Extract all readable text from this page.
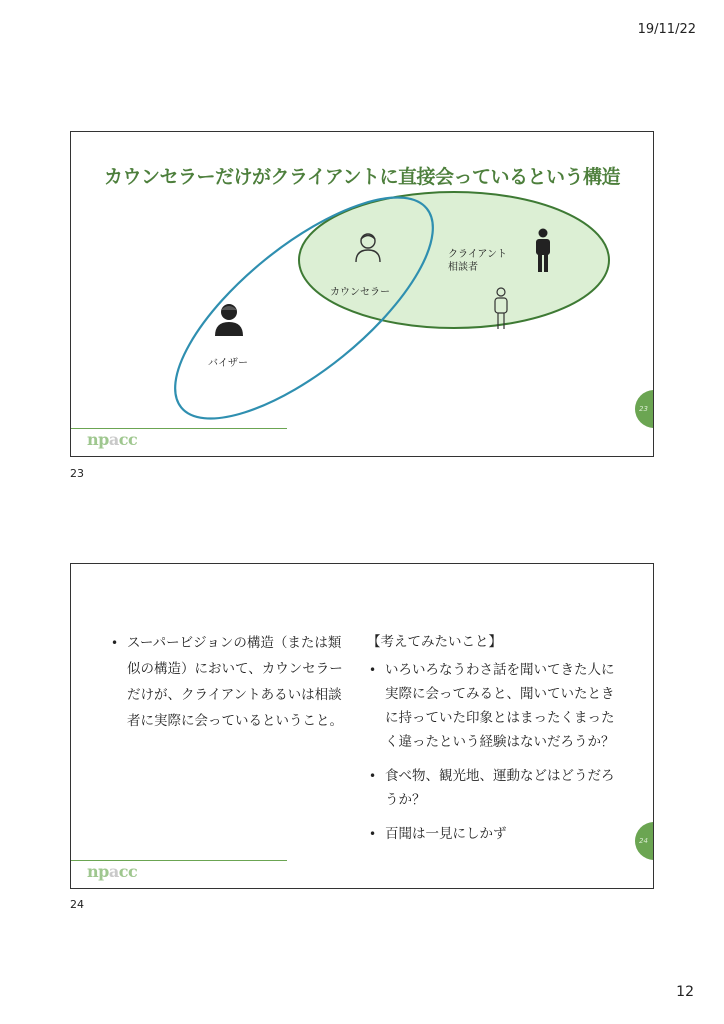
19/11/22
カウンセラーだけがクライアントに直接会っているという構造
カウンセラー
クライアント
相談者
バイザー
23
npacc
23
• スーパービジョンの構造（または類似の構造）において、カウンセラーだけが、クライアントあるいは相談者に実際に会っているということ。
【考えてみたいこと】
• いろいろなうわさ話を聞いてきた人に実際に会ってみると、聞いていたときに持っていた印象とはまったくまったく違ったという経験はないだろうか？
• 食べ物、観光地、運動などはどうだろうか？
• 百聞は一見にしかず	24
npacc
24
12
